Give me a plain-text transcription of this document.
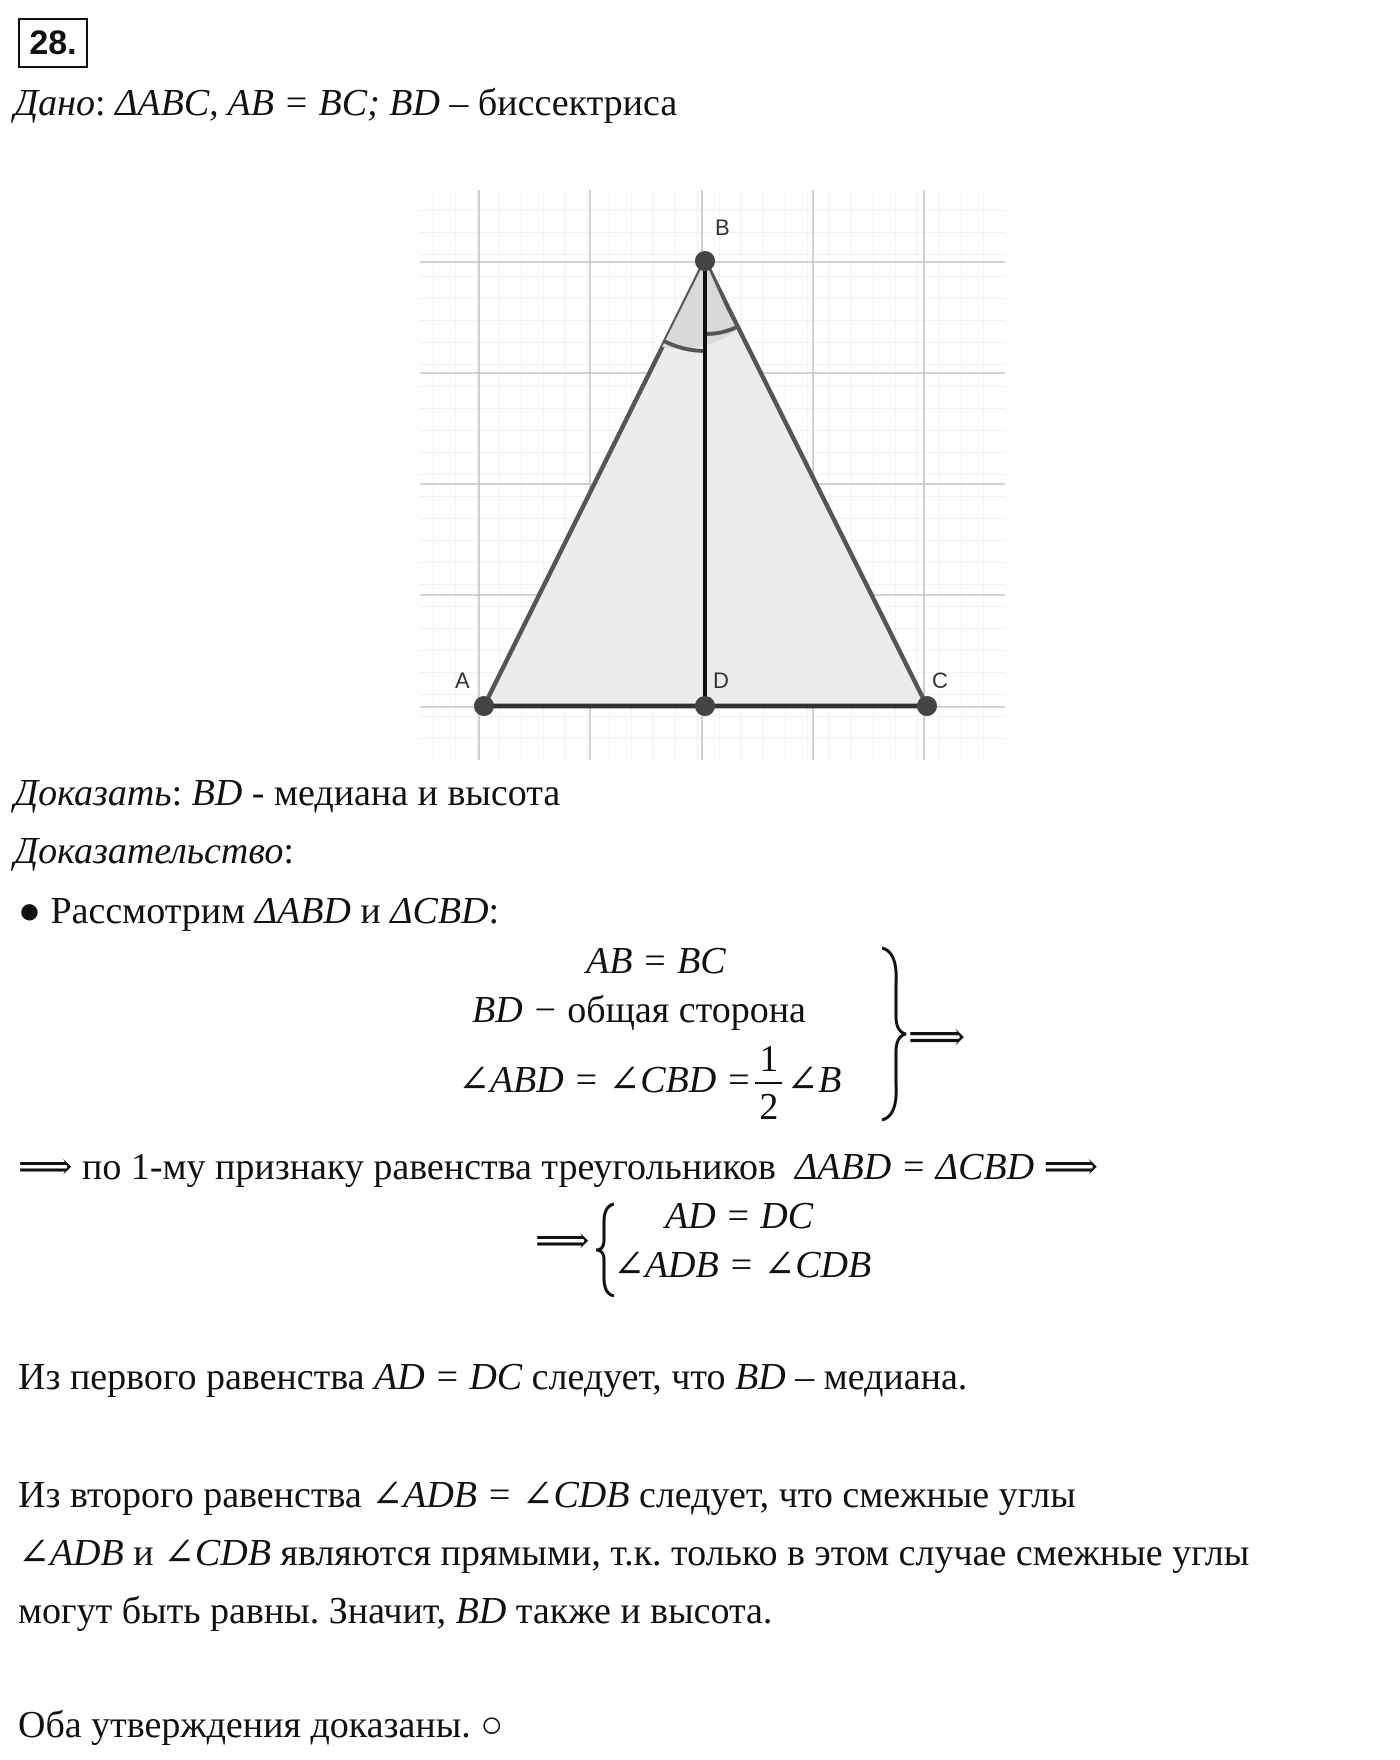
28.
Дано: ΔABC, AB = BC; BD – биссектриса
B
A	D	C
Доказать: BD - медиана и высота
Доказательство:
● Рассмотрим ΔABD и ΔCBD:
AB = BC
BD − общая сторона
∠ABD = ∠CBD = $\frac{1}{2}$ ∠B
⟹
⟹ по 1-му признаку равенства треугольников ΔABD = ΔCBD ⟹
⟹
AD = DC
∠ADB = ∠CDB
Из первого равенства AD = DC следует, что BD – медиана.
Из второго равенства ∠ADB = ∠CDB следует, что смежные углы
∠ADB и ∠CDB являются прямыми, т.к. только в этом случае смежные углы
могут быть равны. Значит, BD также и высота.
Оба утверждения доказаны. ○
